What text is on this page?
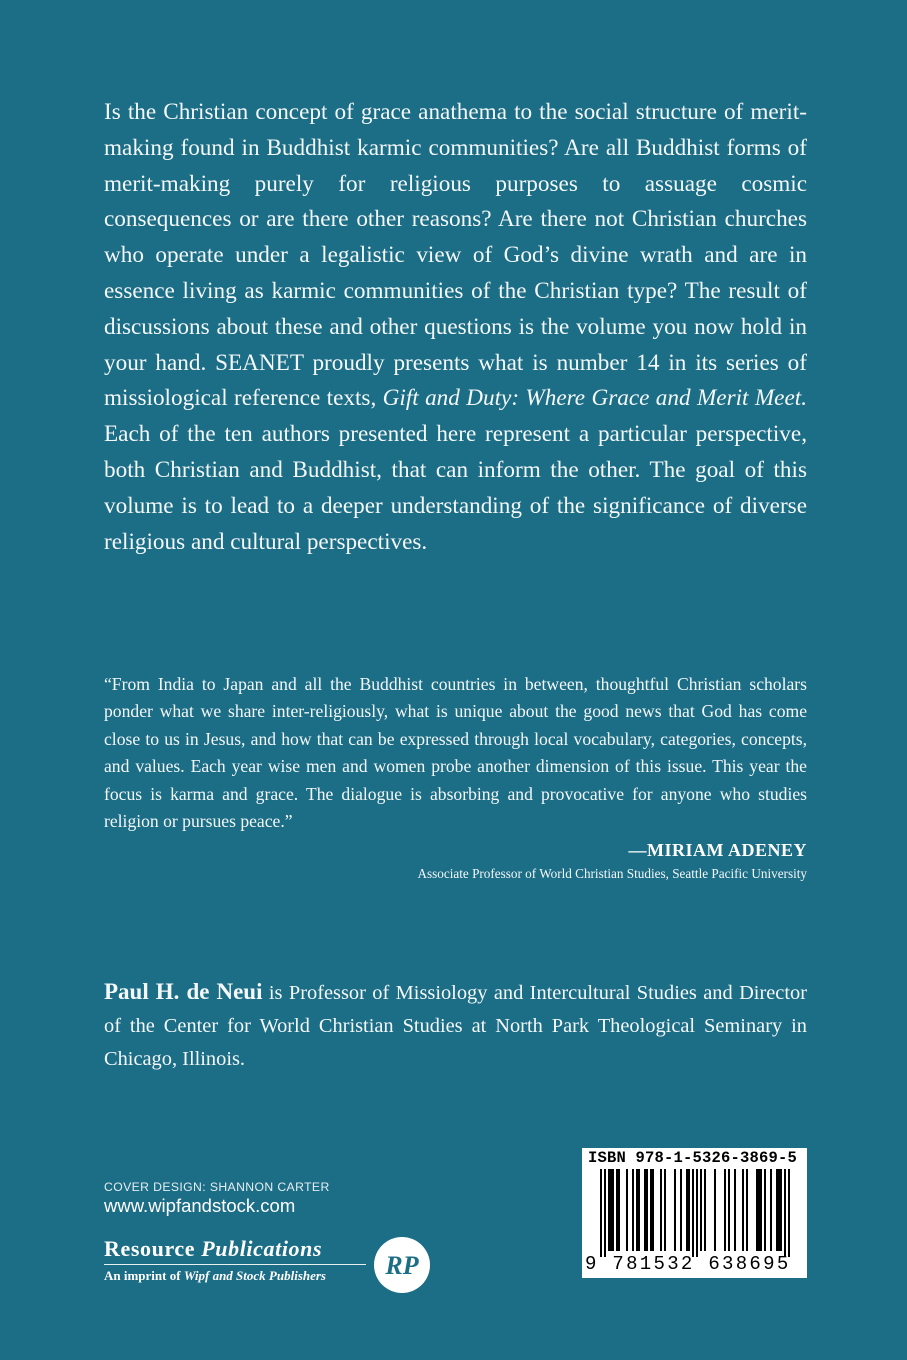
Is the Christian concept of grace anathema to the social structure of merit-making found in Buddhist karmic communities? Are all Buddhist forms of merit-making purely for religious purposes to assuage cosmic consequences or are there other reasons? Are there not Christian churches who operate under a legalistic view of God’s divine wrath and are in essence living as karmic communities of the Christian type? The result of discussions about these and other questions is the volume you now hold in your hand. SEANET proudly presents what is number 14 in its series of missiological reference texts, Gift and Duty: Where Grace and Merit Meet. Each of the ten authors presented here represent a particular perspective, both Christian and Buddhist, that can inform the other. The goal of this volume is to lead to a deeper understanding of the significance of diverse religious and cultural perspectives.
“From India to Japan and all the Buddhist countries in between, thoughtful Christian scholars ponder what we share inter-religiously, what is unique about the good news that God has come close to us in Jesus, and how that can be expressed through local vocabulary, categories, concepts, and values. Each year wise men and women probe another dimension of this issue. This year the focus is karma and grace. The dialogue is absorbing and provocative for anyone who studies religion or pursues peace.”
—MIRIAM ADENEY
Associate Professor of World Christian Studies, Seattle Pacific University
Paul H. de Neui is Professor of Missiology and Intercultural Studies and Director of the Center for World Christian Studies at North Park Theological Seminary in Chicago, Illinois.
COVER DESIGN: SHANNON CARTER
www.wipfandstock.com
Resource Publications
An imprint of Wipf and Stock Publishers	RP
ISBN 978-1-5326-3869-5
9 781532 638695
